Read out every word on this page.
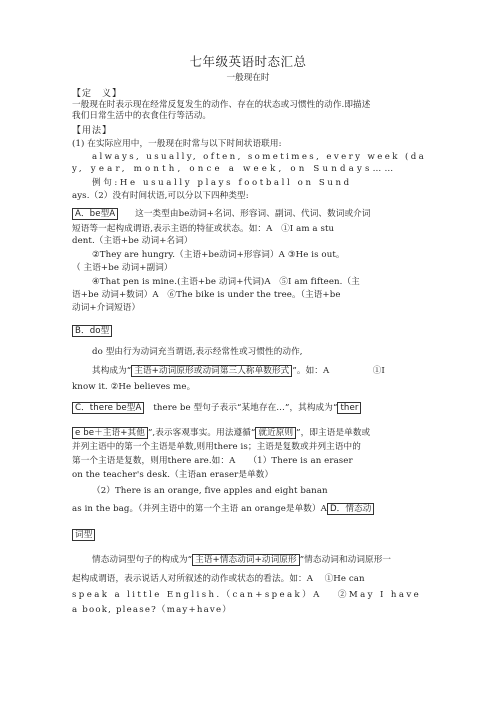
七年级英语时态汇总
一般现在时
【定　义】
一般现在时表示现在经常反复发生的动作、存在的状态或习惯性的动作.即描述
我们日常生活中的衣食住行等活动。
【用法】
(1) 在实际应用中，一般现在时常与以下时间状语联用:
always, usually, often, sometimes, every week (da
y, year, month, once a week, on Sundays……
例句:He usually plays football on Sund
ays.（2）没有时间状语,可以分以下四种类型:
A．be型A 这一类型由be动词+名词、形容词、副词、代词、数词或介词
短语等一起构成谓语,表示主语的特征或状态。如：A　①I am a stu
dent.（主语+be 动词+名词）
②They are hungry.（主语+be动词+形容词）A ③He is out。
（ 主语+be 动词+副词）
④That pen is mine.(主语+be 动词+代词)A　⑤I am fifteen.（主
语+be 动词+数词）A　⑥The bike is under the tree。（主语+be
动词+介词短语）
B．do型
do 型由行为动词充当谓语,表示经常性或习惯性的动作,
其构成为“ 主语+动词原形或动词第三人称单数形式 ”。如：A　　　　　①I
know it. ②He believes me。
C．there be型A there be 型句子表示“某地存在…”，其构成为“ ther
e be＋主语+其他 ”,表示客观事实。用法遵循“ 就近原则 ”，即主语是单数或
并列主语中的第一个主语是单数,则用there is；主语是复数或并列主语中的
第一个主语是复数，则用there are.如：A　　（1）There is an eraser
on the teacher's desk.（主语an eraser是单数）
（2）There is an orange, five apples and eight banan
as in the bag。（并列主语中的第一个主语 an orange是单数）A D．情态动
词型
情态动词型句子的构成为“ 主语+情态动词+动词原形 ”情态动词和动词原形一
起构成谓语，表示说话人对所叙述的动作或状态的看法。如：A　 ①He can
speak a little English.（can+speak）A　 ②May I have
a book, please?（may+have）
